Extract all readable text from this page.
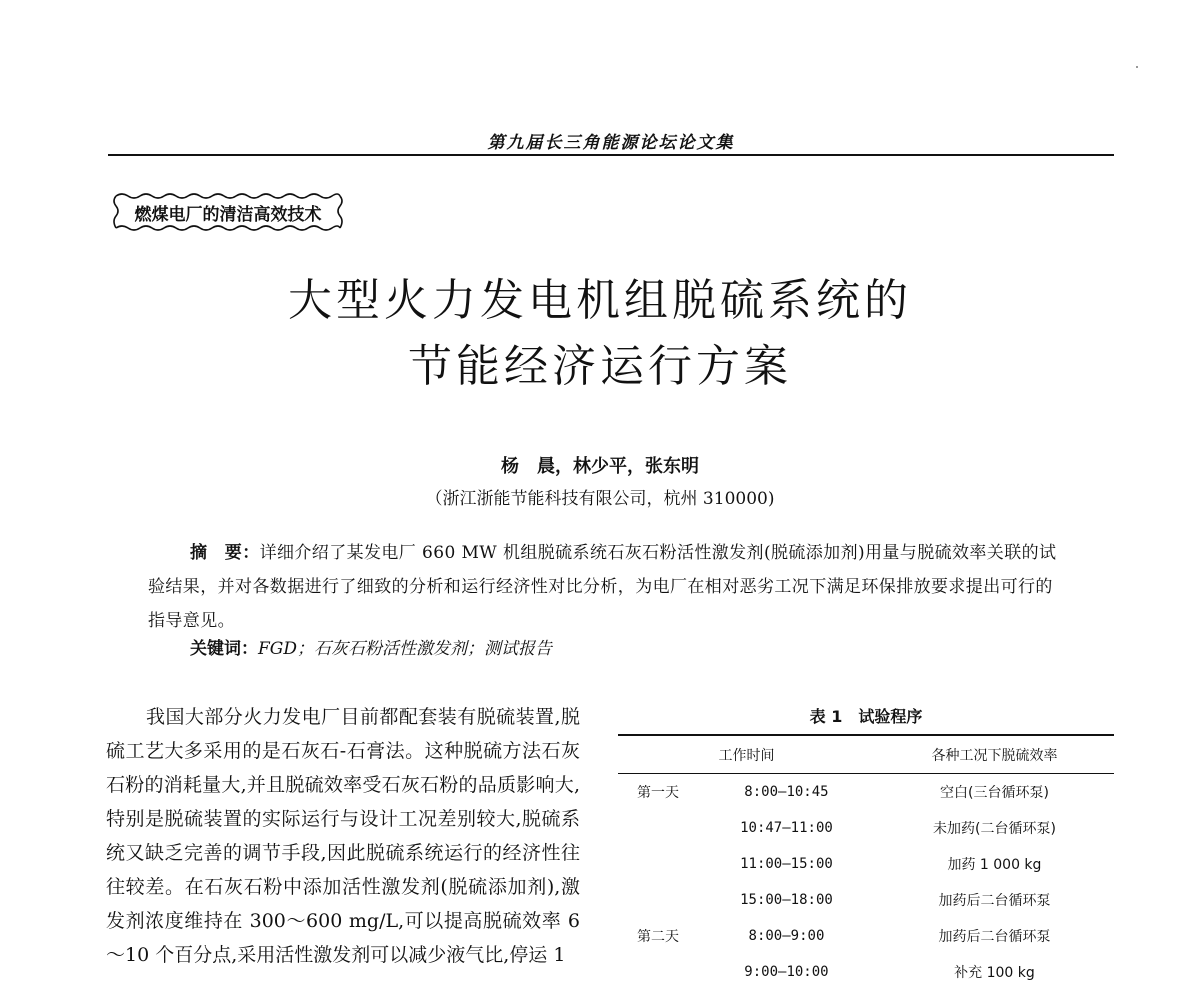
第九届长三角能源论坛论文集
燃煤电厂的清洁高效技术
大型火力发电机组脱硫系统的
节能经济运行方案
杨　晨，林少平，张东明
（浙江浙能节能科技有限公司，杭州 310000)

摘　要：详细介绍了某发电厂 660 MW 机组脱硫系统石灰石粉活性激发剂(脱硫添加剂)用量与脱硫效率关联的试验结果，并对各数据进行了细致的分析和运行经济性对比分析，为电厂在相对恶劣工况下满足环保排放要求提出可行的指导意见。

关键词：FGD；石灰石粉活性激发剂；测试报告

我国大部分火力发电厂目前都配套装有脱硫装置,脱硫工艺大多采用的是石灰石-石膏法。这种脱硫方法石灰石粉的消耗量大,并且脱硫效率受石灰石粉的品质影响大,特别是脱硫装置的实际运行与设计工况差别较大,脱硫系统又缺乏完善的调节手段,因此脱硫系统运行的经济性往往较差。在石灰石粉中添加活性激发剂(脱硫添加剂),激发剂浓度维持在 300～600 mg/L,可以提高脱硫效率 6～10 个百分点,采用活性激发剂可以减少液气比,停运 1

表 1　试验程序
工作时间		各种工况下脱硫效率
第一天	8:00—10:45	空白(三台循环泵)
	10:47—11:00	未加药(二台循环泵)
	11:00—15:00	加药 1 000 kg
	15:00—18:00	加药后二台循环泵
第二天	8:00—9:00	加药后二台循环泵
	9:00—10:00	补充 100 kg
